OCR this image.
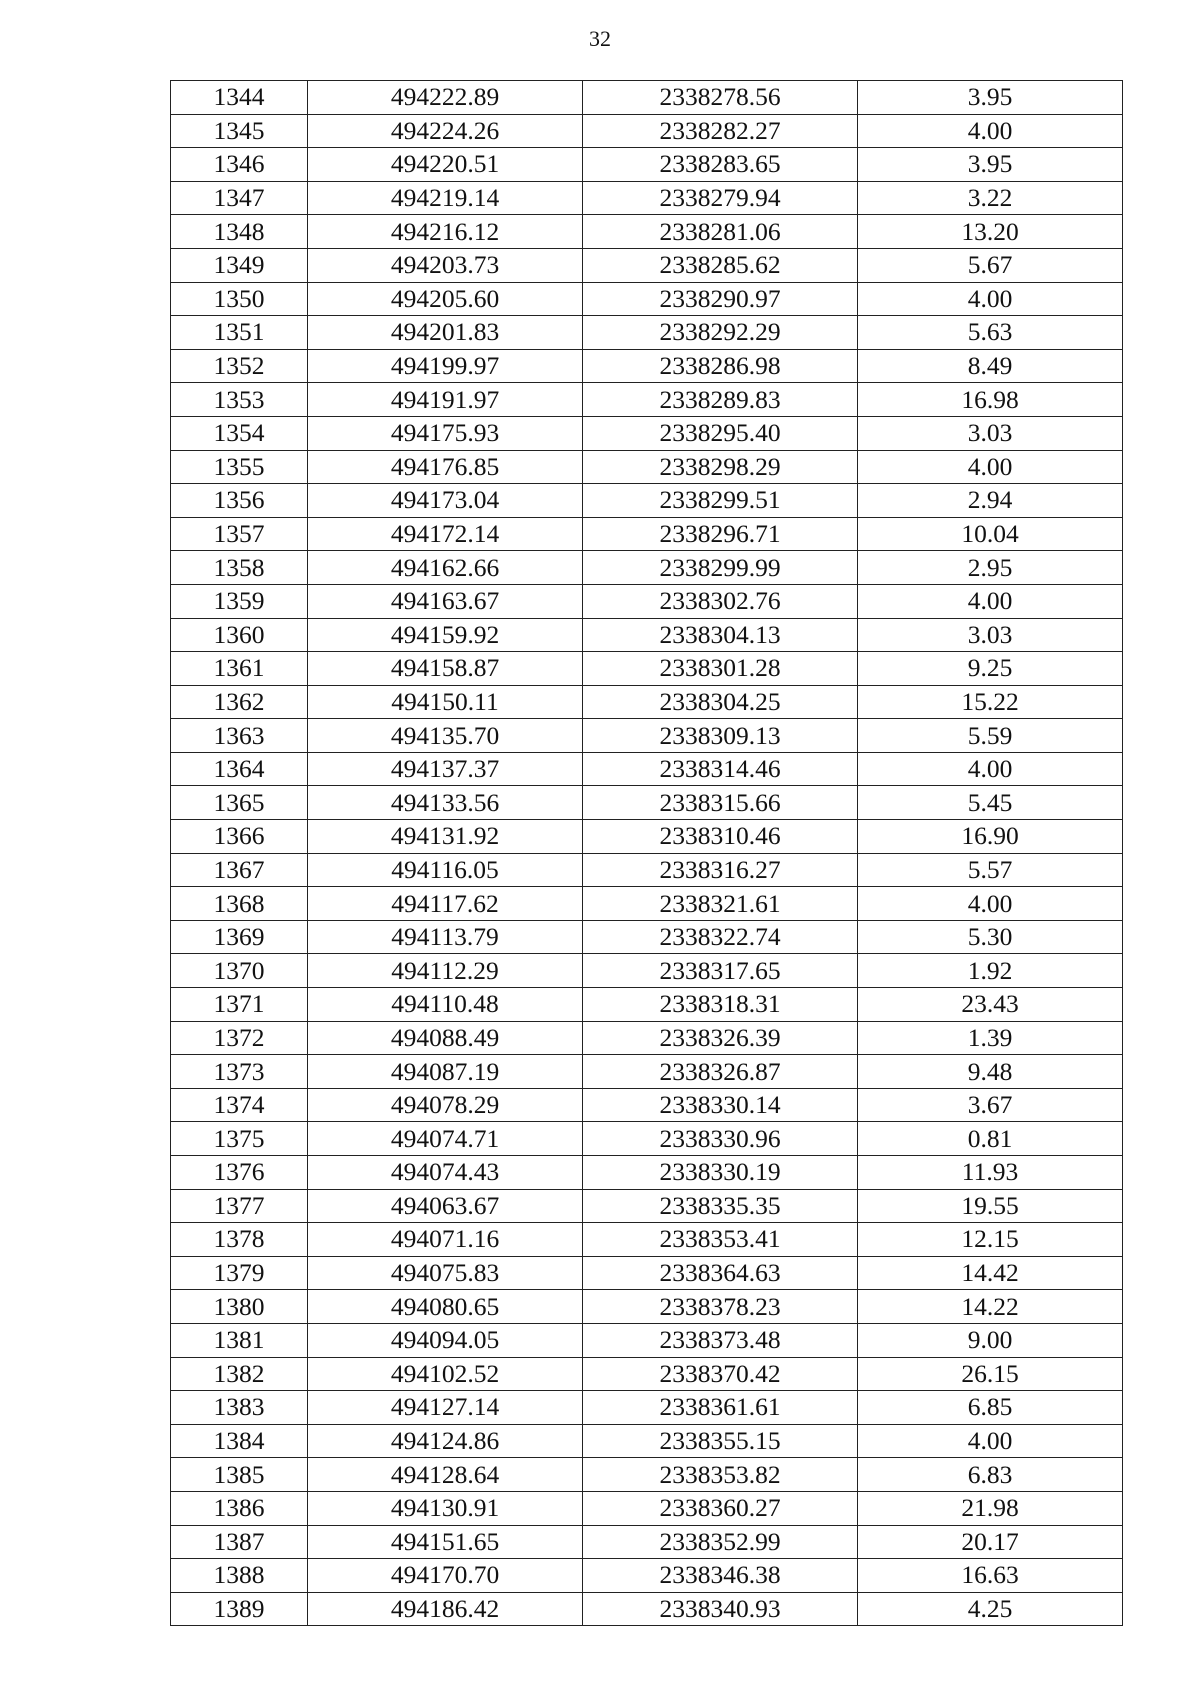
32
1344	494222.89	2338278.56	3.95
1345	494224.26	2338282.27	4.00
1346	494220.51	2338283.65	3.95
1347	494219.14	2338279.94	3.22
1348	494216.12	2338281.06	13.20
1349	494203.73	2338285.62	5.67
1350	494205.60	2338290.97	4.00
1351	494201.83	2338292.29	5.63
1352	494199.97	2338286.98	8.49
1353	494191.97	2338289.83	16.98
1354	494175.93	2338295.40	3.03
1355	494176.85	2338298.29	4.00
1356	494173.04	2338299.51	2.94
1357	494172.14	2338296.71	10.04
1358	494162.66	2338299.99	2.95
1359	494163.67	2338302.76	4.00
1360	494159.92	2338304.13	3.03
1361	494158.87	2338301.28	9.25
1362	494150.11	2338304.25	15.22
1363	494135.70	2338309.13	5.59
1364	494137.37	2338314.46	4.00
1365	494133.56	2338315.66	5.45
1366	494131.92	2338310.46	16.90
1367	494116.05	2338316.27	5.57
1368	494117.62	2338321.61	4.00
1369	494113.79	2338322.74	5.30
1370	494112.29	2338317.65	1.92
1371	494110.48	2338318.31	23.43
1372	494088.49	2338326.39	1.39
1373	494087.19	2338326.87	9.48
1374	494078.29	2338330.14	3.67
1375	494074.71	2338330.96	0.81
1376	494074.43	2338330.19	11.93
1377	494063.67	2338335.35	19.55
1378	494071.16	2338353.41	12.15
1379	494075.83	2338364.63	14.42
1380	494080.65	2338378.23	14.22
1381	494094.05	2338373.48	9.00
1382	494102.52	2338370.42	26.15
1383	494127.14	2338361.61	6.85
1384	494124.86	2338355.15	4.00
1385	494128.64	2338353.82	6.83
1386	494130.91	2338360.27	21.98
1387	494151.65	2338352.99	20.17
1388	494170.70	2338346.38	16.63
1389	494186.42	2338340.93	4.25
